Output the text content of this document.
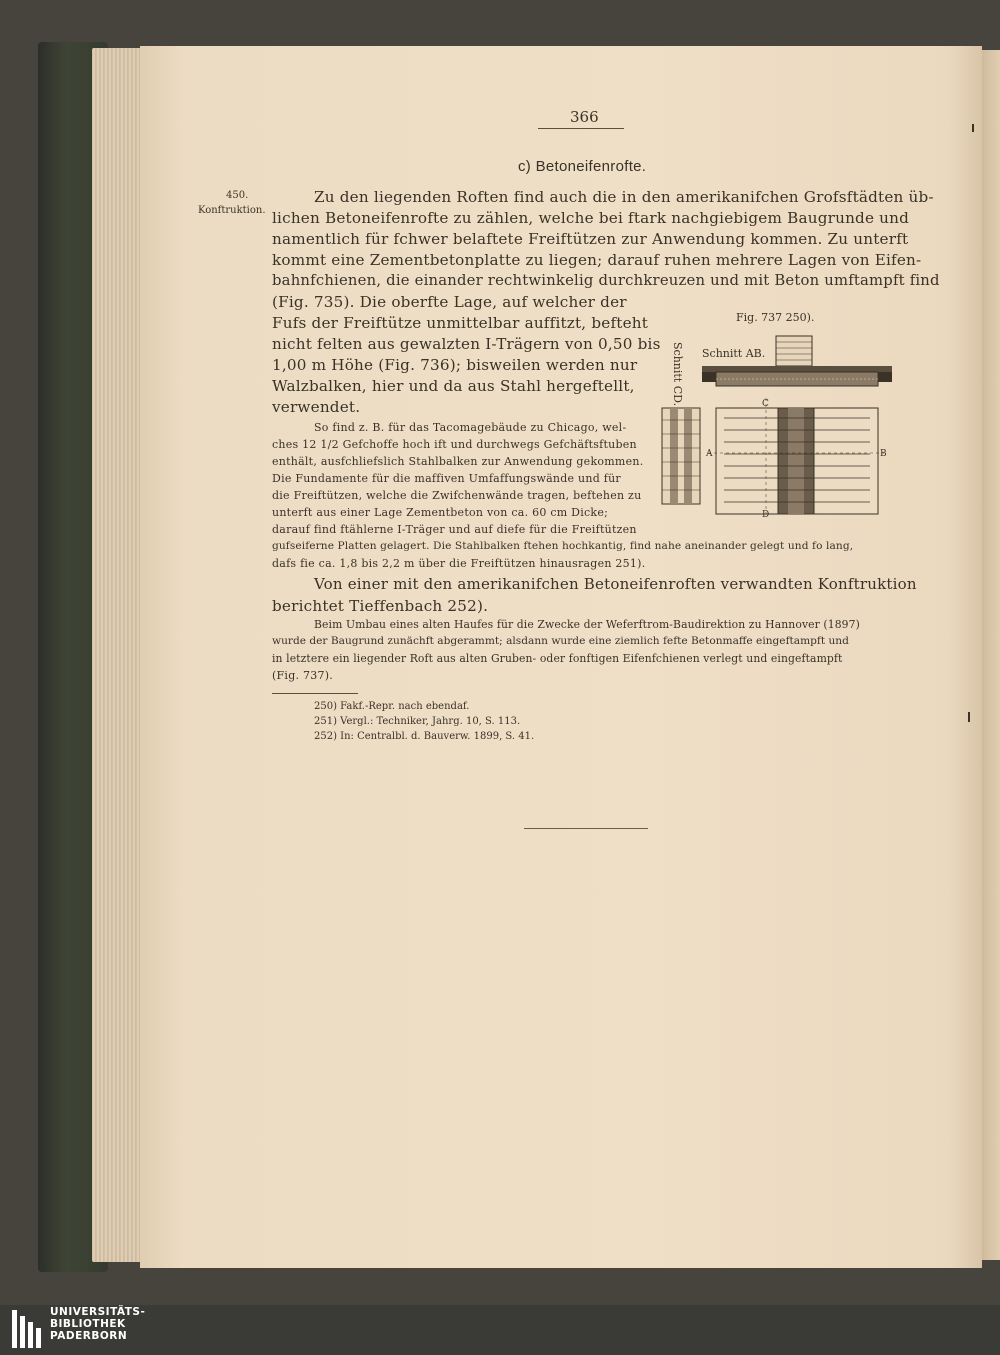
366
c) Betoneifenrofte.
450.
Konftruktion.
Zu den liegenden Roften find auch die in den amerikanifchen Grofsftädten üb-
lichen Betoneifenrofte zu zählen, welche bei ftark nachgiebigem Baugrunde und
namentlich für fchwer belaftete Freiftützen zur Anwendung kommen. Zu unterft
kommt eine Zementbetonplatte zu liegen; darauf ruhen mehrere Lagen von Eifen-
bahnfchienen, die einander rechtwinkelig durchkreuzen und mit Beton umftampft find
(Fig. 735). Die oberfte Lage, auf welcher der
Fufs der Freiftütze unmittelbar auffitzt, befteht
nicht felten aus gewalzten I-Trägern von 0,50 bis
1,00 m Höhe (Fig. 736); bisweilen werden nur
Walzbalken, hier und da aus Stahl hergeftellt,
verwendet.
So find z. B. für das Tacomagebäude zu Chicago, wel-
ches 12 1/2 Gefchoffe hoch ift und durchwegs Gefchäftsftuben
enthält, ausfchliefslich Stahlbalken zur Anwendung gekommen.
Die Fundamente für die maffiven Umfaffungswände und für
die Freiftützen, welche die Zwifchenwände tragen, beftehen zu
unterft aus einer Lage Zementbeton von ca. 60 cm Dicke;
darauf find ftählerne I-Träger und auf diefe für die Freiftützen
gufseiferne Platten gelagert. Die Stahlbalken ftehen hochkantig, find nahe aneinander gelegt und fo lang,
dafs fie ca. 1,8 bis 2,2 m über die Freiftützen hinausragen 251).
Von einer mit den amerikanifchen Betoneifenroften verwandten Konftruktion
berichtet Tieffenbach 252).
Beim Umbau eines alten Haufes für die Zwecke der Weferftrom-Baudirektion zu Hannover (1897)
wurde der Baugrund zunächft abgerammt; alsdann wurde eine ziemlich fefte Betonmaffe eingeftampft und
in letztere ein liegender Roft aus alten Gruben- oder fonftigen Eifenfchienen verlegt und eingeftampft
(Fig. 737).
Fig. 737 250).
Schnitt AB.
Schnitt CD.
A	B
C
D
250) Fakf.-Repr. nach ebendaf.
251) Vergl.: Techniker, Jahrg. 10, S. 113.
252) In: Centralbl. d. Bauverw. 1899, S. 41.
UNIVERSITÄTS-
BIBLIOTHEK
PADERBORN
